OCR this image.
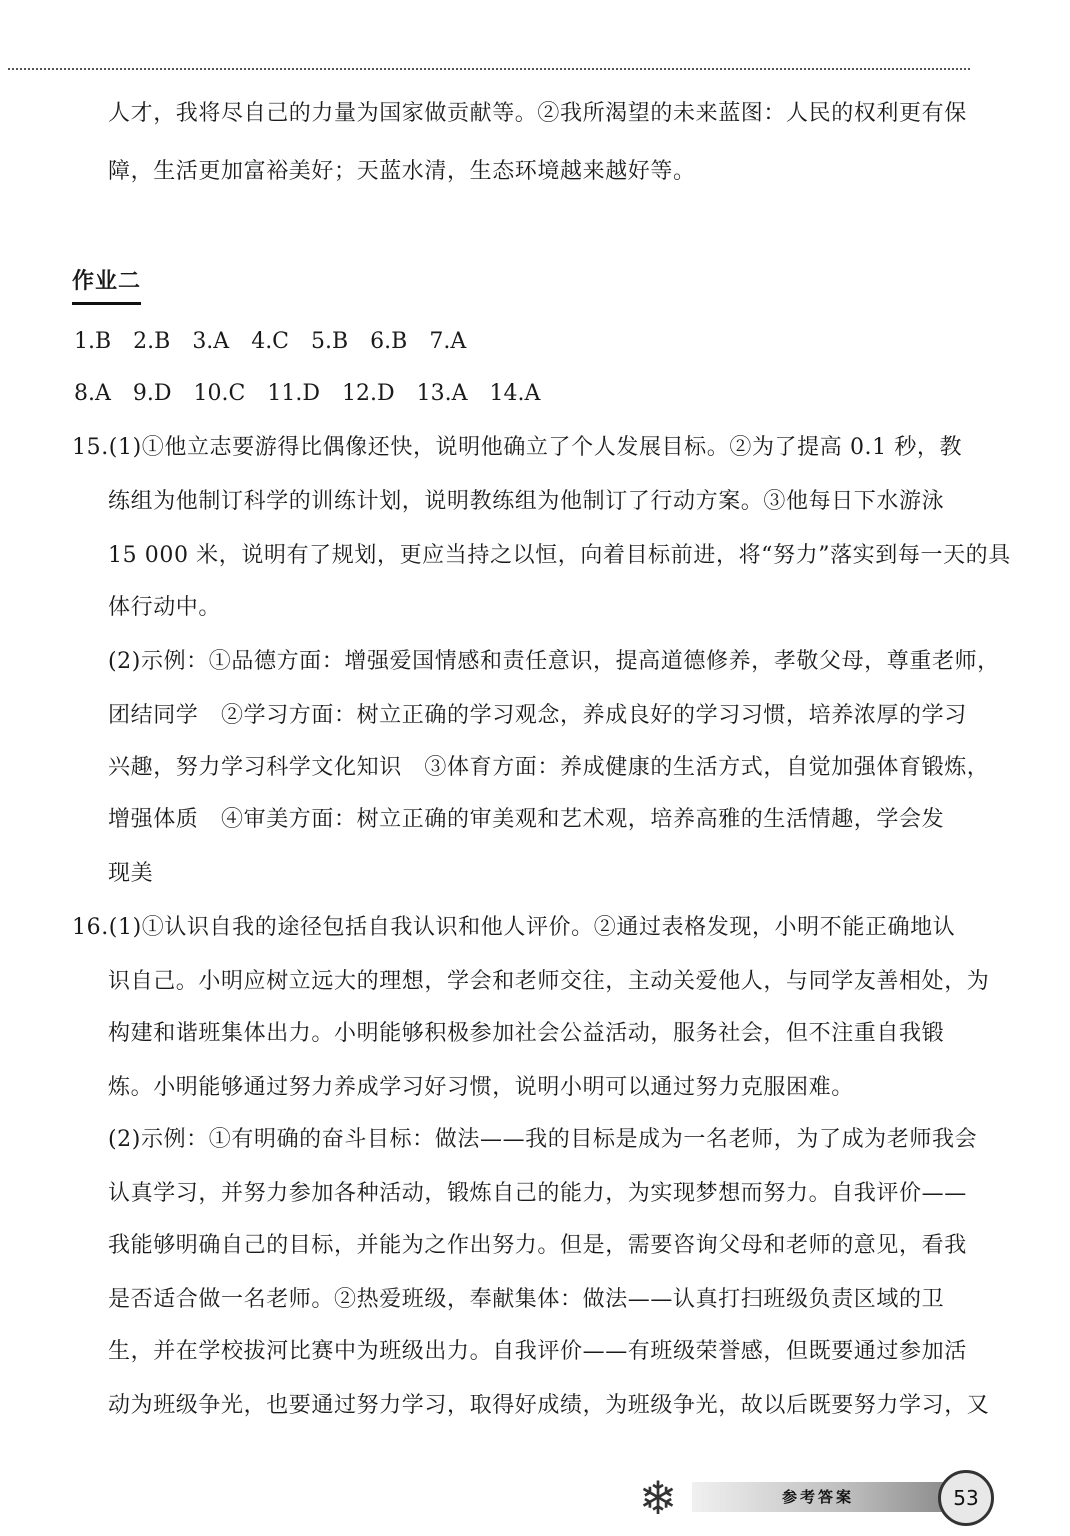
人才，我将尽自己的力量为国家做贡献等。②我所渴望的未来蓝图：人民的权利更有保
障，生活更加富裕美好；天蓝水清，生态环境越来越好等。
作业二
1.B　2.B　3.A　4.C　5.B　6.B　7.A
8.A　9.D　10.C　11.D　12.D　13.A　14.A
15.(1)①他立志要游得比偶像还快，说明他确立了个人发展目标。②为了提高 0.1 秒，教
练组为他制订科学的训练计划，说明教练组为他制订了行动方案。③他每日下水游泳
15 000 米，说明有了规划，更应当持之以恒，向着目标前进，将“努力”落实到每一天的具
体行动中。
(2)示例：①品德方面：增强爱国情感和责任意识，提高道德修养，孝敬父母，尊重老师，
团结同学　②学习方面：树立正确的学习观念，养成良好的学习习惯，培养浓厚的学习
兴趣，努力学习科学文化知识　③体育方面：养成健康的生活方式，自觉加强体育锻炼，
增强体质　④审美方面：树立正确的审美观和艺术观，培养高雅的生活情趣，学会发
现美
16.(1)①认识自我的途径包括自我认识和他人评价。②通过表格发现，小明不能正确地认
识自己。小明应树立远大的理想，学会和老师交往，主动关爱他人，与同学友善相处，为
构建和谐班集体出力。小明能够积极参加社会公益活动，服务社会，但不注重自我锻
炼。小明能够通过努力养成学习好习惯，说明小明可以通过努力克服困难。
(2)示例：①有明确的奋斗目标：做法——我的目标是成为一名老师，为了成为老师我会
认真学习，并努力参加各种活动，锻炼自己的能力，为实现梦想而努力。自我评价——
我能够明确自己的目标，并能为之作出努力。但是，需要咨询父母和老师的意见，看我
是否适合做一名老师。②热爱班级，奉献集体：做法——认真打扫班级负责区域的卫
生，并在学校拔河比赛中为班级出力。自我评价——有班级荣誉感，但既要通过参加活
动为班级争光，也要通过努力学习，取得好成绩，为班级争光，故以后既要努力学习，又
❄	参考答案	53
